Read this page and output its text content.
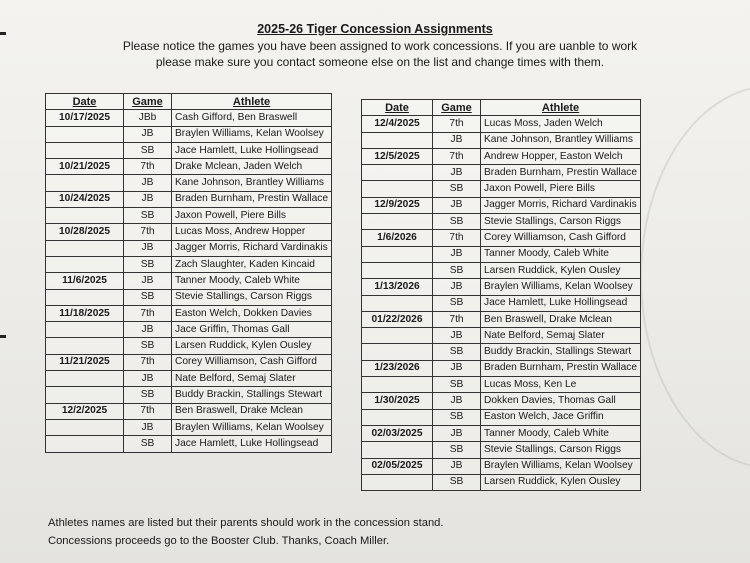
2025-26 Tiger Concession Assignments
Please notice the games you have been assigned to work concessions. If you are uanble to work
please make sure you contact someone else on the list and change times with them.
Date	Game	Athlete
10/17/2025	JBb	Cash Gifford, Ben Braswell
	JB	Braylen Williams, Kelan Woolsey
	SB	Jace Hamlett, Luke Hollingsead
10/21/2025	7th	Drake Mclean, Jaden Welch
	JB	Kane Johnson, Brantley Williams
10/24/2025	JB	Braden Burnham, Prestin Wallace
	SB	Jaxon Powell, Piere Bills
10/28/2025	7th	Lucas Moss, Andrew Hopper
	JB	Jagger Morris, Richard Vardinakis
	SB	Zach Slaughter, Kaden Kincaid
11/6/2025	JB	Tanner Moody, Caleb White
	SB	Stevie Stallings, Carson Riggs
11/18/2025	7th	Easton Welch, Dokken Davies
	JB	Jace Griffin, Thomas Gall
	SB	Larsen Ruddick, Kylen Ousley
11/21/2025	7th	Corey Williamson, Cash Gifford
	JB	Nate Belford, Semaj Slater
	SB	Buddy Brackin, Stallings Stewart
12/2/2025	7th	Ben Braswell, Drake Mclean
	JB	Braylen Williams, Kelan Woolsey
	SB	Jace Hamlett, Luke Hollingsead
Date	Game	Athlete
12/4/2025	7th	Lucas Moss, Jaden Welch
	JB	Kane Johnson, Brantley Williams
12/5/2025	7th	Andrew Hopper, Easton Welch
	JB	Braden Burnham, Prestin Wallace
	SB	Jaxon Powell, Piere Bills
12/9/2025	JB	Jagger Morris, Richard Vardinakis
	SB	Stevie Stallings, Carson Riggs
1/6/2026	7th	Corey Williamson, Cash Gifford
	JB	Tanner Moody, Caleb White
	SB	Larsen Ruddick, Kylen Ousley
1/13/2026	JB	Braylen Williams, Kelan Woolsey
	SB	Jace Hamlett, Luke Hollingsead
01/22/2026	7th	Ben Braswell, Drake Mclean
	JB	Nate Belford, Semaj Slater
	SB	Buddy Brackin, Stallings Stewart
1/23/2026	JB	Braden Burnham, Prestin Wallace
	SB	Lucas Moss, Ken Le
1/30/2025	JB	Dokken Davies, Thomas Gall
	SB	Easton Welch, Jace Griffin
02/03/2025	JB	Tanner Moody, Caleb White
	SB	Stevie Stallings, Carson Riggs
02/05/2025	JB	Braylen Williams, Kelan Woolsey
	SB	Larsen Ruddick, Kylen Ousley
Athletes names are listed but their parents should work in the concession stand.
Concessions proceeds go to the Booster Club. Thanks, Coach Miller.
